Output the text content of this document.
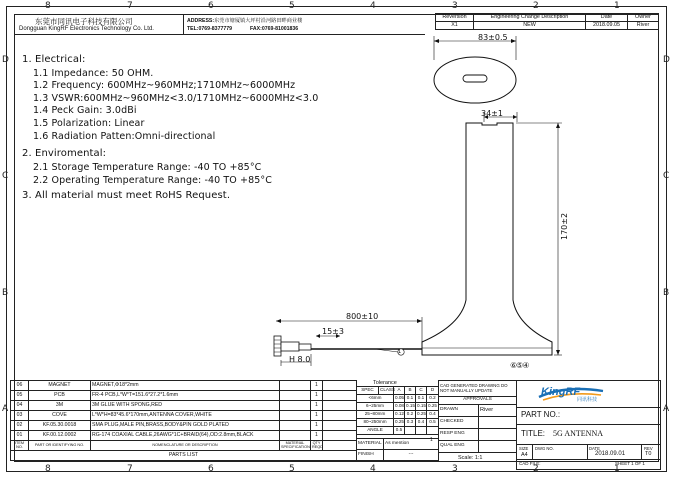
8	7	6	5	4	3	2	1
8	7	6	5	4	3	2	1
D
C
B
A
D
C
B
A
东莞市同讯电子科技有限公司
Dongguan KingRF Electronics Technology Co. Ltd.
ADDRESS:东莞市塘厦镇大坪村沿河路田畔商业楼
TEL:0769-8377779	FAX:0769-81001836
Reversion	Engineering Change Description	Date	Owner
X1	NEW	2018.09.05	River
1. Electrical:
1.1 Impedance: 50 OHM.
1.2 Frequency: 600MHz~960MHz;1710MHz~6000MHz
1.3 VSWR:600MHz~960MHz<3.0/1710MHz~6000MHz<3.0
1.4 Peck Gain: 3.0dBi
1.5 Polarization: Linear
1.6 Radiation Patten:Omni-directional
2. Enviromental:
2.1 Storage Temperature Range: -40 TO +85°C
2.2 Operating Temperature Range: -40 TO +85°C
3. All material must meet RoHS Request.
83±0.5
34±1
170±2
800±10
15±3
H 8.0
1
⑥⑤④
06	MAGNET	MAGNET,Φ18*2mm		1	
05	PCB	FR-4 PCB,L*W*T=151.6*27.2*1.6mm		1	
04	3M	3M GLUE WITH SPONG,RED		1	
03	COVE	L*W*H=83*45.6*170mm,ANTENNA COVER,WHITE		1	
02	KF.05.30.0018	SMA PLUG,MALE PIN,BRASS,BODY&PIN GOLD PLATED		1	
01	KF.00.12.0002	RG-174 COAXIAL CABLE,26AWG*1C+BRAID(64),OD:2.8mm,BLACK		1	
ITEM NO.	PART OR IDENTIFYING NO.	NOMENCLATURE OR DESCRIPTION	MATERIAL SPECIFICATION	QTY REQD	
PARTS LIST					
Tolerance
SPEC	CLASS	A	B	C	D
<6mm		0.05	0.1	0.1	0.2
6~25mm		0.08	0.15	0.15	0.25
25~80mm		0.12	0.2	0.25	0.4
80~250mm		0.25	0.3	0.4	0.5
ANGLE		0.5			
MATERIAL	As mention
FINISH	---
CAD GENERATED DRAWING DO NOT MANUALLY UPDATE	
APPROVALS	
DRAWN	River
CHECKED	
RESP ENG	
QUAL ENG	
1
Scale: 1:1
KingRF
同讯科技
PART NO.:
TITLE: 5G ANTENNA
SIZE
A4
DWG NO.	DATE
2018.09.01
REV
T0
CAD FILE:	SHEET 1 OF 1
